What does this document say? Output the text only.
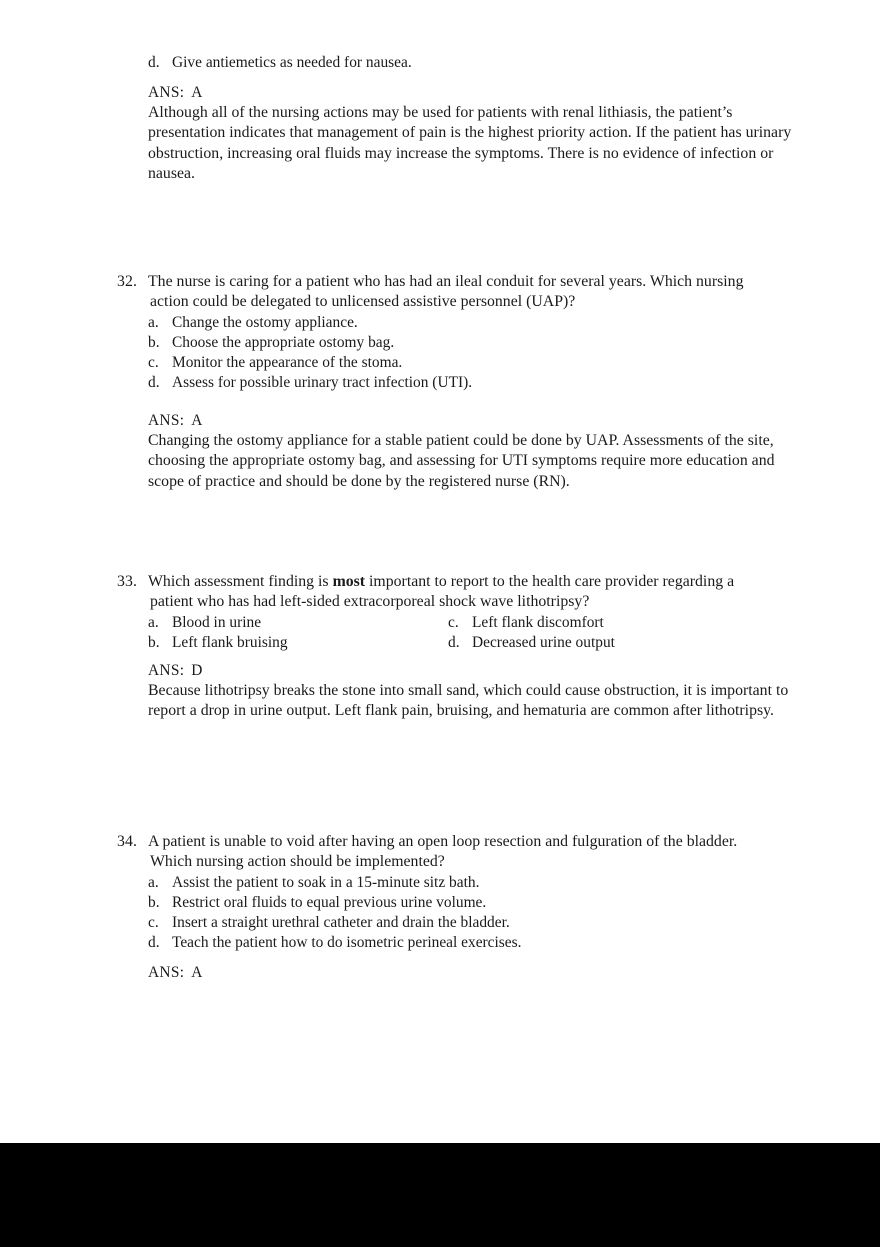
d. Give antiemetics as needed for nausea.
ANS: A
Although all of the nursing actions may be used for patients with renal lithiasis, the patient’s presentation indicates that management of pain is the highest priority action. If the patient has urinary obstruction, increasing oral fluids may increase the symptoms. There is no evidence of infection or nausea.
32. The nurse is caring for a patient who has had an ileal conduit for several years. Which nursing
action could be delegated to unlicensed assistive personnel (UAP)?
a. Change the ostomy appliance.
b. Choose the appropriate ostomy bag.
c. Monitor the appearance of the stoma.
d. Assess for possible urinary tract infection (UTI).
ANS: A
Changing the ostomy appliance for a stable patient could be done by UAP. Assessments of the site, choosing the appropriate ostomy bag, and assessing for UTI symptoms require more education and scope of practice and should be done by the registered nurse (RN).
33. Which assessment finding is most important to report to the health care provider regarding a
patient who has had left-sided extracorporeal shock wave lithotripsy?
a. Blood in urine
b. Left flank bruising
c. Left flank discomfort
d. Decreased urine output
ANS: D
Because lithotripsy breaks the stone into small sand, which could cause obstruction, it is important to report a drop in urine output. Left flank pain, bruising, and hematuria are common after lithotripsy.
34. A patient is unable to void after having an open loop resection and fulguration of the bladder.
Which nursing action should be implemented?
a. Assist the patient to soak in a 15-minute sitz bath.
b. Restrict oral fluids to equal previous urine volume.
c. Insert a straight urethral catheter and drain the bladder.
d. Teach the patient how to do isometric perineal exercises.
ANS: A
